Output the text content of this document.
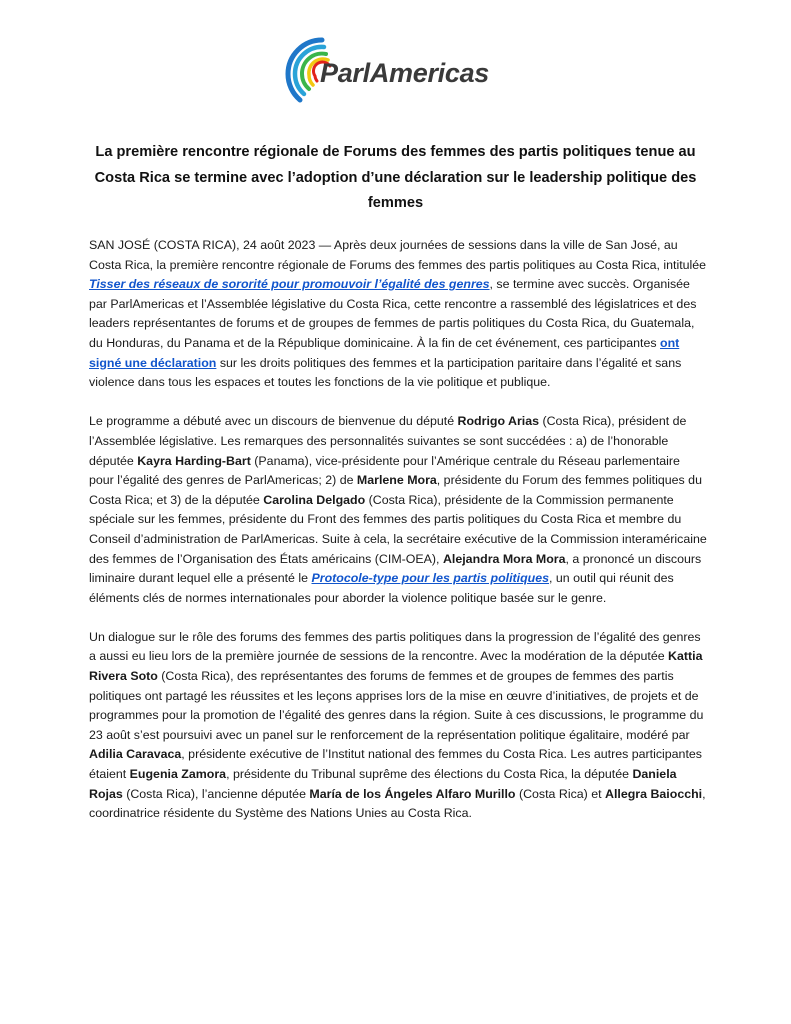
ParlAmericas
La première rencontre régionale de Forums des femmes des partis politiques tenue au Costa Rica se termine avec l’adoption d’une déclaration sur le leadership politique des femmes

SAN JOSÉ (COSTA RICA), 24 août 2023 — Après deux journées de sessions dans la ville de San José, au Costa Rica, la première rencontre régionale de Forums des femmes des partis politiques au Costa Rica, intitulée Tisser des réseaux de sororité pour promouvoir l’égalité des genres, se termine avec succès. Organisée par ParlAmericas et l’Assemblée législative du Costa Rica, cette rencontre a rassemblé des législatrices et des leaders représentantes de forums et de groupes de femmes de partis politiques du Costa Rica, du Guatemala, du Honduras, du Panama et de la République dominicaine. À la fin de cet événement, ces participantes ont signé une déclaration sur les droits politiques des femmes et la participation paritaire dans l’égalité et sans violence dans tous les espaces et toutes les fonctions de la vie politique et publique.

Le programme a débuté avec un discours de bienvenue du député Rodrigo Arias (Costa Rica), président de l’Assemblée législative. Les remarques des personnalités suivantes se sont succédées : a) de l’honorable députée Kayra Harding-Bart (Panama), vice-présidente pour l’Amérique centrale du Réseau parlementaire pour l’égalité des genres de ParlAmericas; 2) de Marlene Mora, présidente du Forum des femmes politiques du Costa Rica; et 3) de la députée Carolina Delgado (Costa Rica), présidente de la Commission permanente spéciale sur les femmes, présidente du Front des femmes des partis politiques du Costa Rica et membre du Conseil d’administration de ParlAmericas. Suite à cela, la secrétaire exécutive de la Commission interaméricaine des femmes de l’Organisation des États américains (CIM-OEA), Alejandra Mora Mora, a prononcé un discours liminaire durant lequel elle a présenté le Protocole-type pour les partis politiques, un outil qui réunit des éléments clés de normes internationales pour aborder la violence politique basée sur le genre.

Un dialogue sur le rôle des forums des femmes des partis politiques dans la progression de l’égalité des genres a aussi eu lieu lors de la première journée de sessions de la rencontre. Avec la modération de la députée Kattia Rivera Soto (Costa Rica), des représentantes des forums de femmes et de groupes de femmes des partis politiques ont partagé les réussites et les leçons apprises lors de la mise en œuvre d’initiatives, de projets et de programmes pour la promotion de l’égalité des genres dans la région. Suite à ces discussions, le programme du 23 août s’est poursuivi avec un panel sur le renforcement de la représentation politique égalitaire, modéré par Adilia Caravaca, présidente exécutive de l’Institut national des femmes du Costa Rica. Les autres participantes étaient Eugenia Zamora, présidente du Tribunal suprême des élections du Costa Rica, la députée Daniela Rojas (Costa Rica), l’ancienne députée María de los Ángeles Alfaro Murillo (Costa Rica) et Allegra Baiocchi, coordinatrice résidente du Système des Nations Unies au Costa Rica.
